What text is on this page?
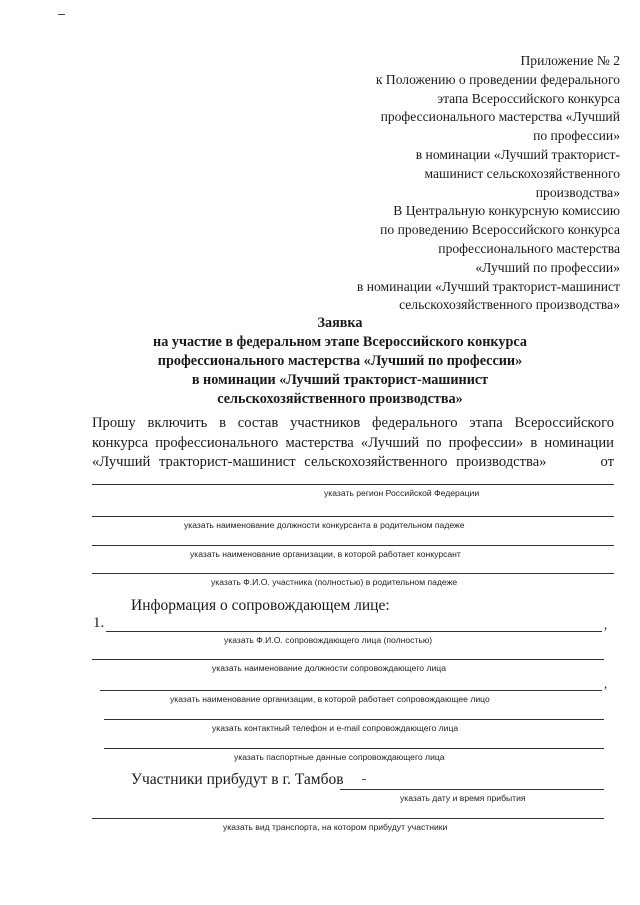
Приложение № 2
к Положению о проведении федерального
этапа Всероссийского конкурса
профессионального мастерства «Лучший
по профессии»
в номинации «Лучший тракторист-
машинист сельскохозяйственного
производства»
В Центральную конкурсную комиссию
по проведению Всероссийского конкурса
профессионального мастерства
«Лучший по профессии»
в номинации «Лучший тракторист-машинист
сельскохозяйственного производства»
Заявка
на участие в федеральном этапе Всероссийского конкурса
профессионального мастерства «Лучший по профессии»
в номинации «Лучший тракторист-машинист
сельскохозяйственного производства»
Прошу включить в состав участников федерального этапа Всероссийского
конкурса профессионального мастерства «Лучший по профессии» в номинации
«Лучший тракторист-машинист сельскохозяйственного производства»	от
указать регион Российской Федерации
указать наименование должности конкурсанта в родительном падеже
указать наименование организации, в которой работает конкурсант
указать Ф.И.О. участника (полностью) в родительном падеже
Информация о сопровождающем лице:
1.	,
указать Ф.И.О. сопровождающего лица (полностью)
указать наименование должности сопровождающего лица
,
указать наименование организации, в которой работает сопровождающее лицо
указать контактный телефон и e-mail сопровождающего лица
указать паспортные данные сопровождающего лица
Участники прибудут в г. Тамбов
указать дату и время прибытия
указать вид транспорта, на котором прибудут участники
